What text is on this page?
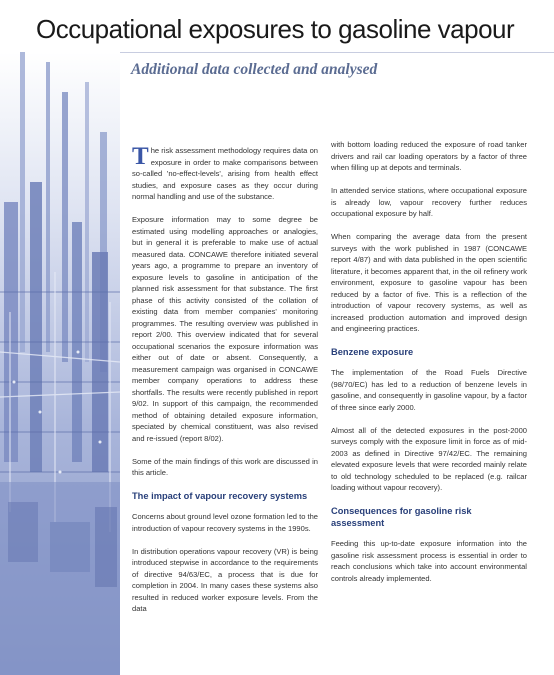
Occupational exposures to gasoline vapour
Additional data collected and analysed

The risk assessment methodology requires data on exposure in order to make comparisons between so-called 'no-effect-levels', arising from health effect studies, and exposure cases as they occur during normal handling and use of the substance.

Exposure information may to some degree be estimated using modelling approaches or analogies, but in general it is preferable to make use of actual measured data. CONCAWE therefore initiated several years ago, a programme to prepare an inventory of exposure levels to gasoline in anticipation of the planned risk assessment for that substance. The first phase of this activity consisted of the collation of existing data from member companies' monitoring programmes. The resulting overview was published in report 2/00. This overview indicated that for several occupational scenarios the exposure information was either out of date or absent. Consequently, a measurement campaign was organised in CONCAWE member company operations to address these shortfalls. The results were recently published in report 9/02. In support of this campaign, the recommended method of obtaining detailed exposure information, speciated by chemical constituent, was also revised and re-issued (report 8/02).

Some of the main findings of this work are discussed in this article.

The impact of vapour recovery systems

Concerns about ground level ozone formation led to the introduction of vapour recovery systems in the 1990s.

In distribution operations vapour recovery (VR) is being introduced stepwise in accordance to the requirements of directive 94/63/EC, a process that is due for completion in 2004. In many cases these systems also resulted in reduced worker exposure levels. From the data

with bottom loading reduced the exposure of road tanker drivers and rail car loading operators by a factor of three when filling up at depots and terminals.

In attended service stations, where occupational exposure is already low, vapour recovery further reduces occupational exposure by half.

When comparing the average data from the present surveys with the work published in 1987 (CONCAWE report 4/87) and with data published in the open scientific literature, it becomes apparent that, in the oil refinery work environment, exposure to gasoline vapour has been reduced by a factor of five. This is a reflection of the introduction of vapour recovery systems, as well as increased production automation and improved design and engineering practices.

Benzene exposure

The implementation of the Road Fuels Directive (98/70/EC) has led to a reduction of benzene levels in gasoline, and consequently in gasoline vapour, by a factor of three since early 2000.

Almost all of the detected exposures in the post-2000 surveys comply with the exposure limit in force as of mid-2003 as defined in Directive 97/42/EC. The remaining elevated exposure levels that were recorded mainly relate to old technology scheduled to be replaced (e.g. railcar loading without vapour recovery).

Consequences for gasoline risk assessment

Feeding this up-to-date exposure information into the gasoline risk assessment process is essential in order to reach conclusions which take into account environmental controls already implemented.
